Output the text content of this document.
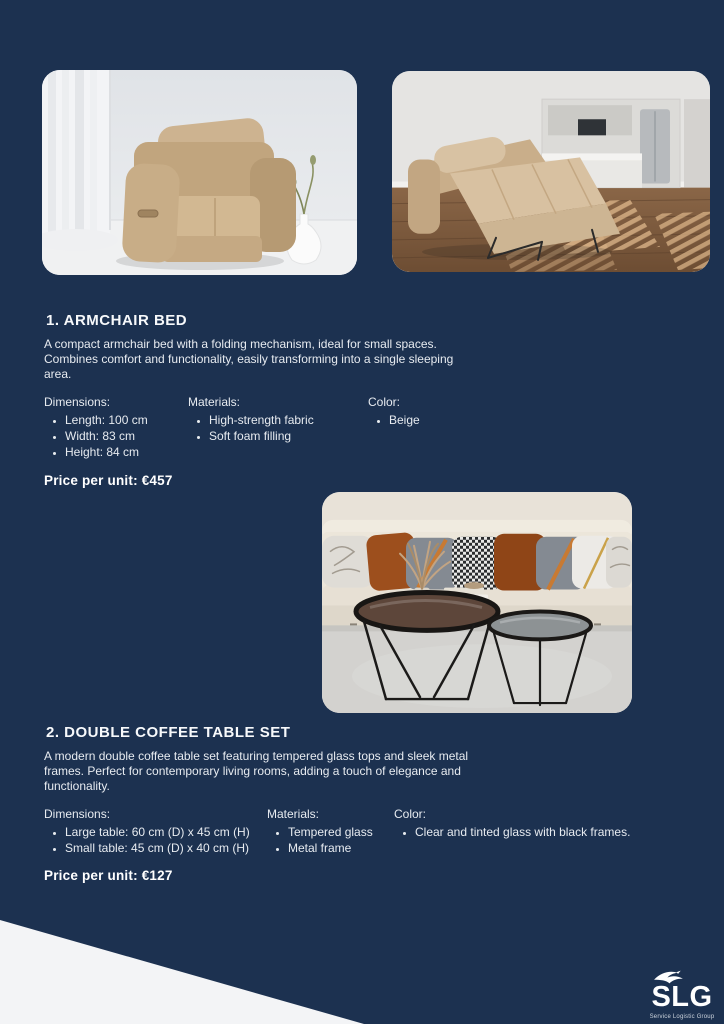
1. ARMCHAIR BED

A compact armchair bed with a folding mechanism, ideal for small spaces. Combines comfort and functionality, easily transforming into a single sleeping area.

Dimensions:
• Length: 100 cm
• Width: 83 cm
• Height: 84 cm
Materials:
• High-strength fabric
• Soft foam filling
Color:
• Beige
Price per unit: €457
2. DOUBLE COFFEE TABLE SET

A modern double coffee table set featuring tempered glass tops and sleek metal frames. Perfect for contemporary living rooms, adding a touch of elegance and functionality.

Dimensions:
• Large table: 60 cm (D) x 45 cm (H)
• Small table: 45 cm (D) x 40 cm (H)
Materials:
• Tempered glass
• Metal frame
Color:
• Clear and tinted glass with black frames.
Price per unit: €127
SLG
Service Logistic Group
